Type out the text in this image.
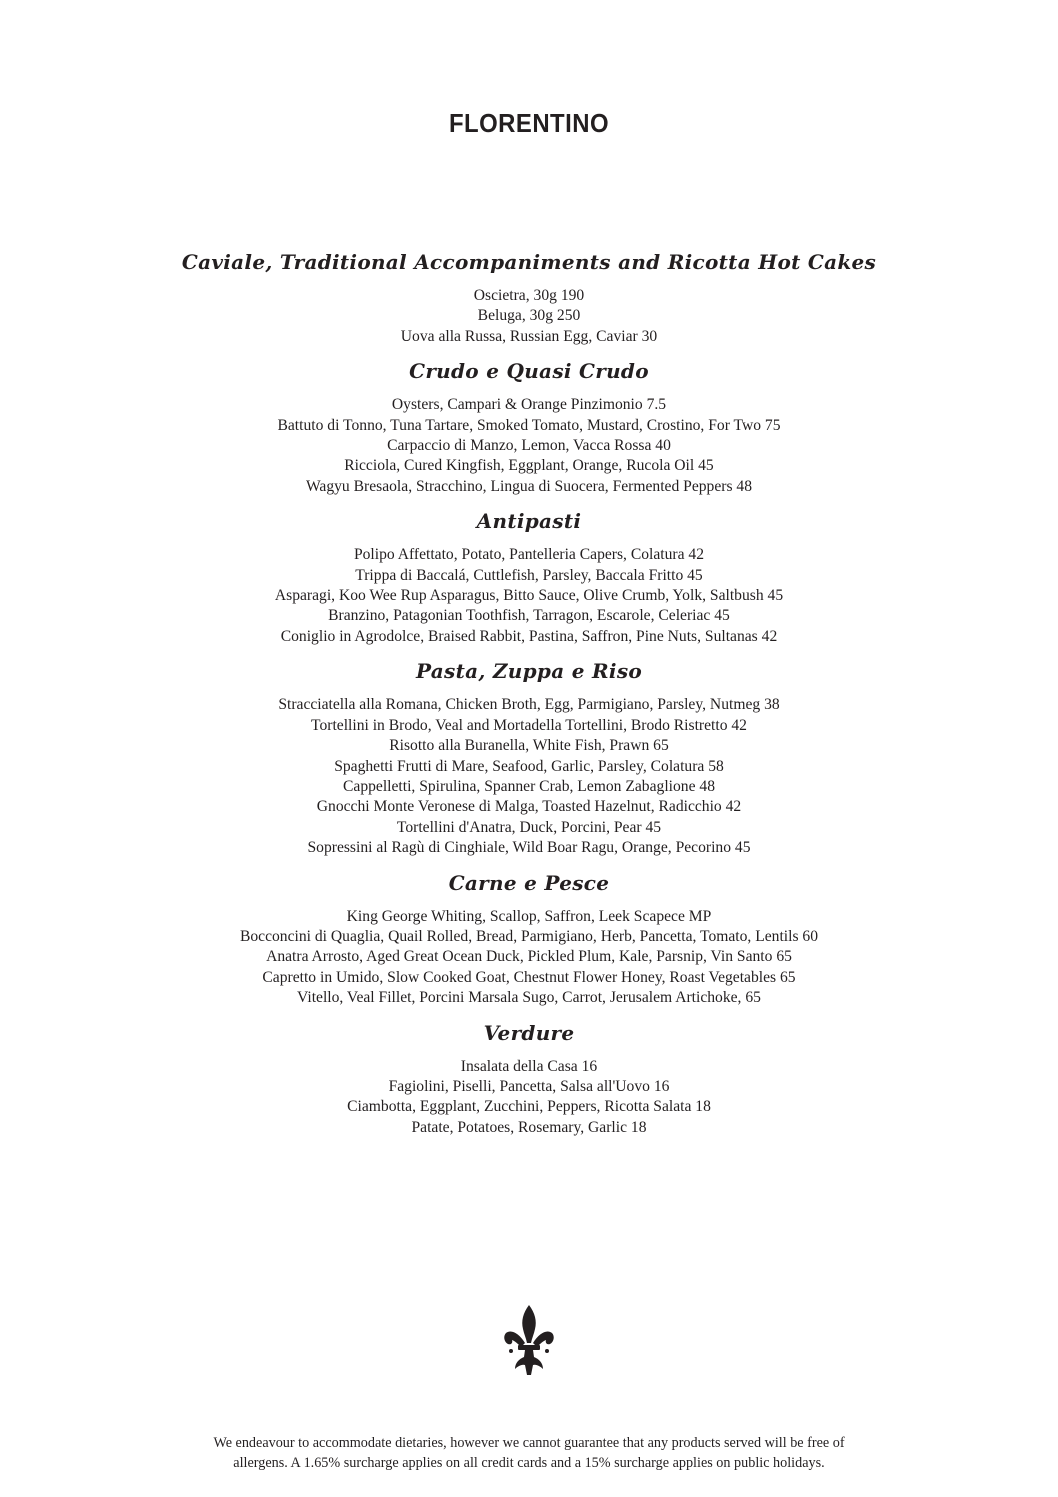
FLORENTINO
Caviale, Traditional Accompaniments and Ricotta Hot Cakes
Oscietra, 30g 190
Beluga, 30g 250
Uova alla Russa, Russian Egg, Caviar 30
Crudo e Quasi Crudo
Oysters, Campari & Orange Pinzimonio 7.5
Battuto di Tonno, Tuna Tartare, Smoked Tomato, Mustard, Crostino, For Two 75
Carpaccio di Manzo, Lemon, Vacca Rossa 40
Ricciola, Cured Kingfish, Eggplant, Orange, Rucola Oil 45
Wagyu Bresaola, Stracchino, Lingua di Suocera, Fermented Peppers 48
Antipasti
Polipo Affettato, Potato, Pantelleria Capers, Colatura 42
Trippa di Baccalá, Cuttlefish, Parsley, Baccala Fritto 45
Asparagi, Koo Wee Rup Asparagus, Bitto Sauce, Olive Crumb, Yolk, Saltbush 45
Branzino, Patagonian Toothfish, Tarragon, Escarole, Celeriac 45
Coniglio in Agrodolce, Braised Rabbit, Pastina, Saffron, Pine Nuts, Sultanas 42
Pasta, Zuppa e Riso
Stracciatella alla Romana, Chicken Broth, Egg, Parmigiano, Parsley, Nutmeg 38
Tortellini in Brodo, Veal and Mortadella Tortellini, Brodo Ristretto 42
Risotto alla Buranella, White Fish, Prawn 65
Spaghetti Frutti di Mare, Seafood, Garlic, Parsley, Colatura 58
Cappelletti, Spirulina, Spanner Crab, Lemon Zabaglione 48
Gnocchi Monte Veronese di Malga, Toasted Hazelnut, Radicchio 42
Tortellini d'Anatra, Duck, Porcini, Pear 45
Sopressini al Ragù di Cinghiale, Wild Boar Ragu, Orange, Pecorino 45
Carne e Pesce
King George Whiting, Scallop, Saffron, Leek Scapece MP
Bocconcini di Quaglia, Quail Rolled, Bread, Parmigiano, Herb, Pancetta, Tomato, Lentils 60
Anatra Arrosto, Aged Great Ocean Duck, Pickled Plum, Kale, Parsnip, Vin Santo 65
Capretto in Umido, Slow Cooked Goat, Chestnut Flower Honey, Roast Vegetables 65
Vitello, Veal Fillet, Porcini Marsala Sugo, Carrot, Jerusalem Artichoke, 65
Verdure
Insalata della Casa 16
Fagiolini, Piselli, Pancetta, Salsa all'Uovo 16
Ciambotta, Eggplant, Zucchini, Peppers, Ricotta Salata 18
Patate, Potatoes, Rosemary, Garlic 18

We endeavour to accommodate dietaries, however we cannot guarantee that any products served will be free of
allergens. A 1.65% surcharge applies on all credit cards and a 15% surcharge applies on public holidays.
